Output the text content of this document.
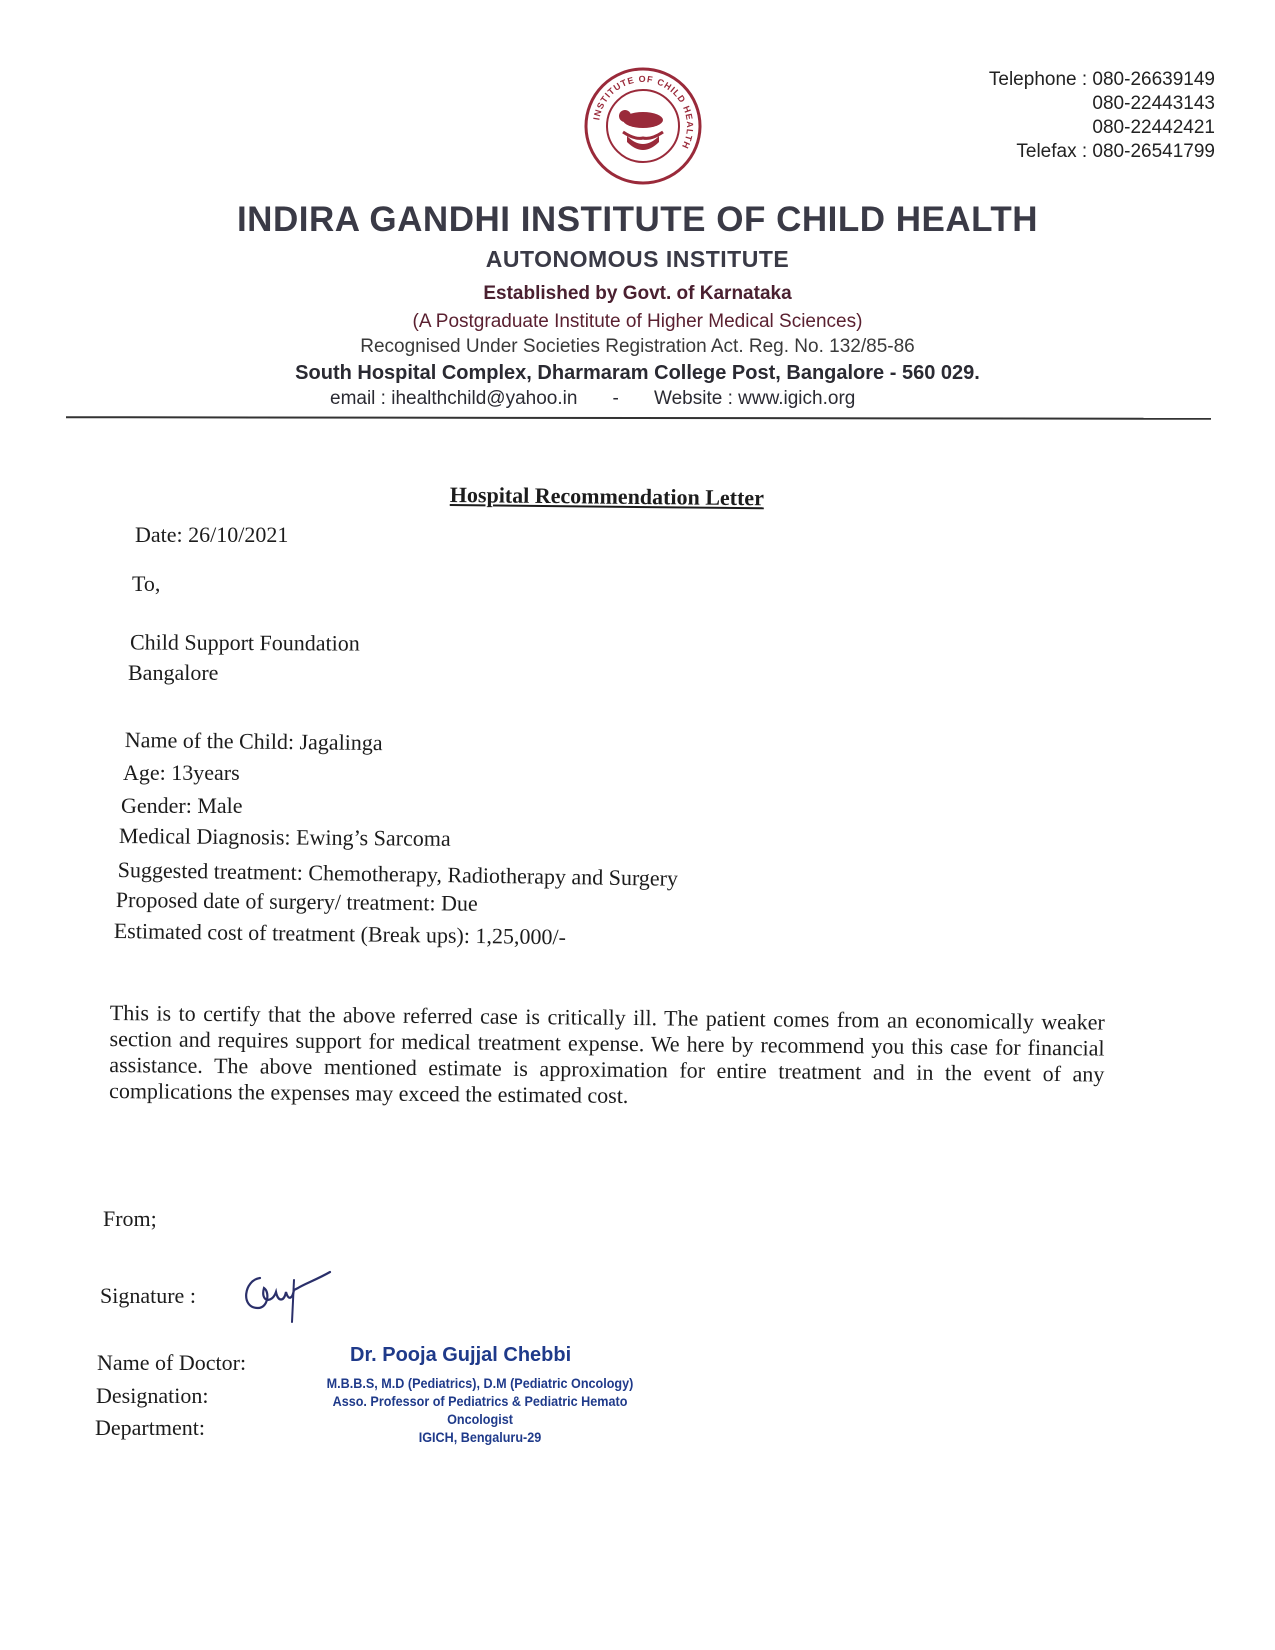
INSTITUTE OF CHILD HEALTH
Telephone : 080-26639149
080-22443143
080-22442421
Telefax : 080-26541799
INDIRA GANDHI INSTITUTE OF CHILD HEALTH
AUTONOMOUS INSTITUTE
Established by Govt. of Karnataka
(A Postgraduate Institute of Higher Medical Sciences)
Recognised Under Societies Registration Act. Reg. No. 132/85-86
South Hospital Complex, Dharmaram College Post, Bangalore - 560 029.
email : ihealthchild@yahoo.in - Website : www.igich.org
Hospital Recommendation Letter
Date: 26/10/2021
To,
Child Support Foundation
Bangalore
Name of the Child: Jagalinga
Age: 13years
Gender: Male
Medical Diagnosis: Ewing’s Sarcoma
Suggested treatment: Chemotherapy, Radiotherapy and Surgery
Proposed date of surgery/ treatment: Due
Estimated cost of treatment (Break ups): 1,25,000/-
This is to certify that the above referred case is critically ill. The patient comes from an economically weaker section and requires support for medical treatment expense. We here by recommend you this case for financial assistance. The above mentioned estimate is approximation for entire treatment and in the event of any complications the expenses may exceed the estimated cost.
From;
Signature :
Name of Doctor:
Designation:
Department:
Dr. Pooja Gujjal Chebbi
M.B.B.S, M.D (Pediatrics), D.M (Pediatric Oncology)
Asso. Professor of Pediatrics & Pediatric Hemato Oncologist
IGICH, Bengaluru-29
